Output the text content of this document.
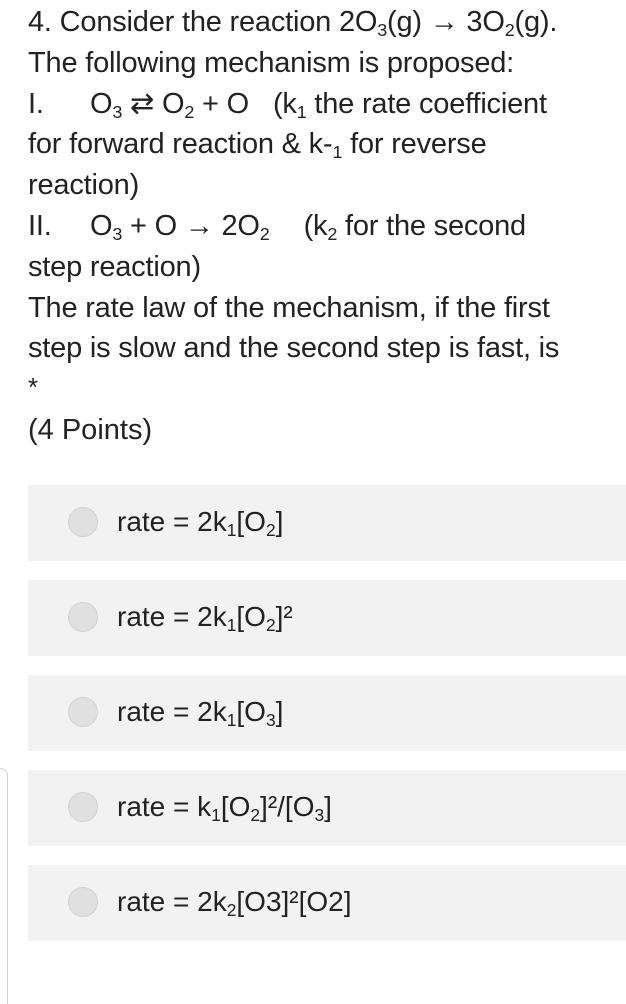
4. Consider the reaction $2O_3(g) \to 3O_2(g)$.
The following mechanism is proposed:
I.	$O_3$ ⇄ $O_2 + O$ ($k_1$ the rate coefficient
for forward reaction & $k-_1$ for reverse
reaction)
II.	$O_3 + O \to 2O_2$ ($k_2$ for the second
step reaction)
The rate law of the mechanism, if the first
step is slow and the second step is fast, is
*
(4 Points)
rate = $2k_1[O_2]$
rate = $2k_1[O_2]^2$
rate = $2k_1[O_3]$
rate = $k_1[O_2]^2/[O_3]$
rate = $2k_2[O3]^2[O2]$
